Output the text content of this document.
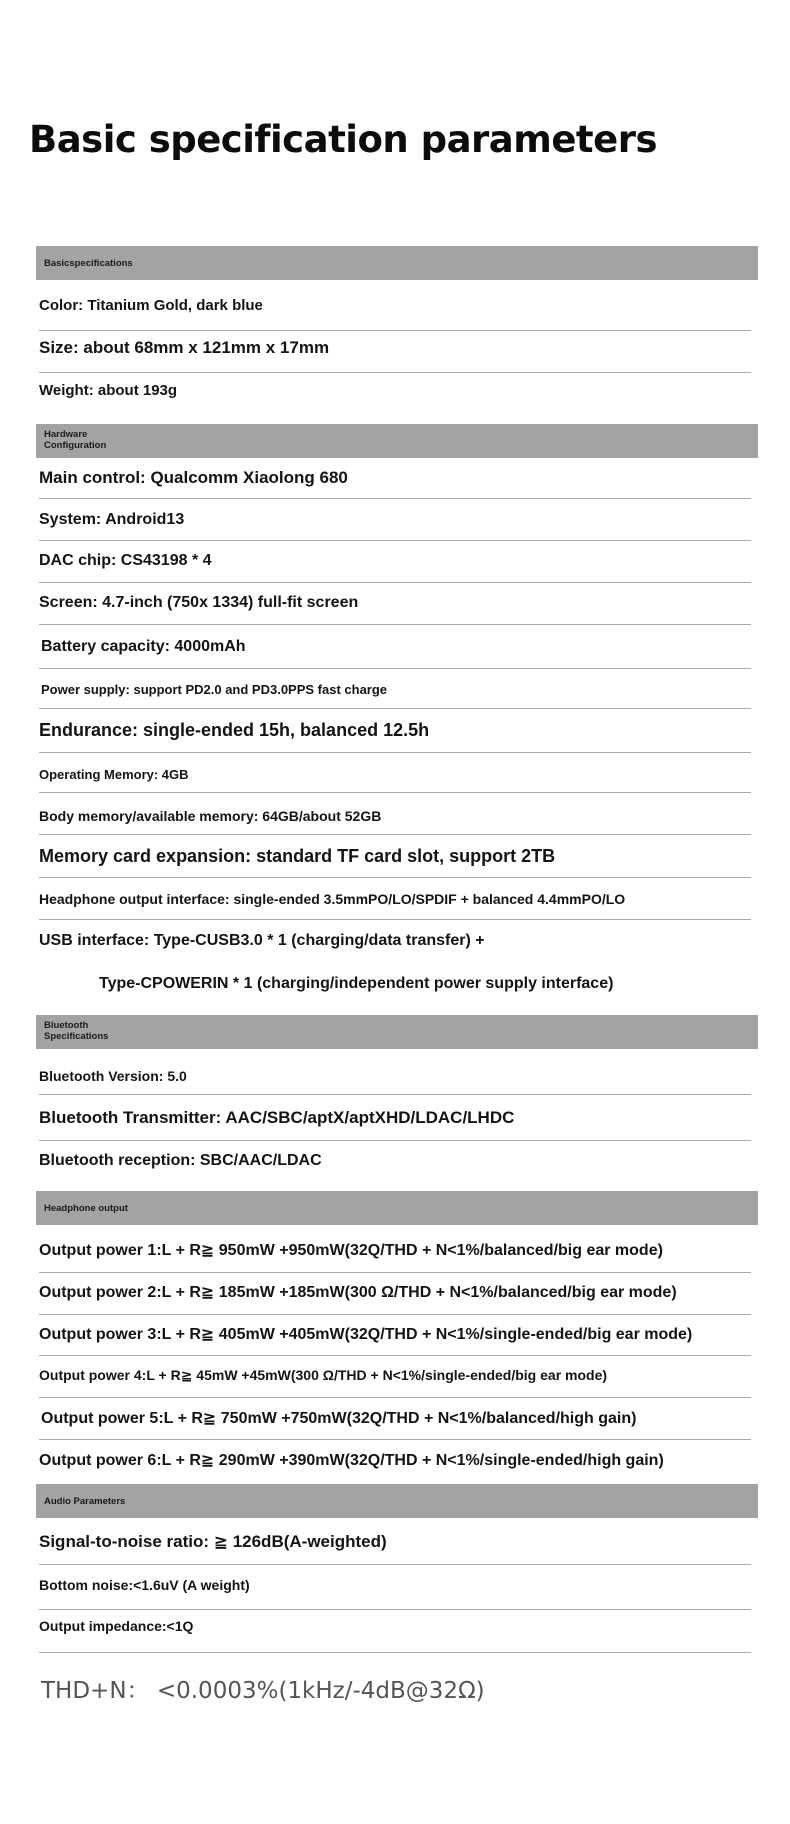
Basic specification parameters
Basicspecifications
Color: Titanium Gold, dark blue
Size: about 68mm x 121mm x 17mm
Weight: about 193g
Hardware
Configuration
Main control: Qualcomm Xiaolong 680
System: Android13
DAC chip: CS43198 * 4
Screen: 4.7-inch (750x 1334) full-fit screen
Battery capacity: 4000mAh
Power supply: support PD2.0 and PD3.0PPS fast charge
Endurance: single-ended 15h, balanced 12.5h
Operating Memory: 4GB
Body memory/available memory: 64GB/about 52GB
Memory card expansion: standard TF card slot, support 2TB
Headphone output interface: single-ended 3.5mmPO/LO/SPDIF + balanced 4.4mmPO/LO
USB interface: Type-CUSB3.0 * 1 (charging/data transfer) +
Type-CPOWERIN * 1 (charging/independent power supply interface)
Bluetooth
Specifications
Bluetooth Version: 5.0
Bluetooth Transmitter: AAC/SBC/aptX/aptXHD/LDAC/LHDC
Bluetooth reception: SBC/AAC/LDAC
Headphone output
Output power 1:L + R≧ 950mW +950mW(32Q/THD + N<1%/balanced/big ear mode)
Output power 2:L + R≧ 185mW +185mW(300 Ω/THD + N<1%/balanced/big ear mode)
Output power 3:L + R≧ 405mW +405mW(32Q/THD + N<1%/single-ended/big ear mode)
Output power 4:L + R≧ 45mW +45mW(300 Ω/THD + N<1%/single-ended/big ear mode)
Output power 5:L + R≧ 750mW +750mW(32Q/THD + N<1%/balanced/high gain)
Output power 6:L + R≧ 290mW +390mW(32Q/THD + N<1%/single-ended/high gain)
Audio Parameters
Signal-to-noise ratio: ≧ 126dB(A-weighted)
Bottom noise:<1.6uV (A weight)
Output impedance:<1Q
THD+N： <0.0003%(1kHz/-4dB@32Ω)
